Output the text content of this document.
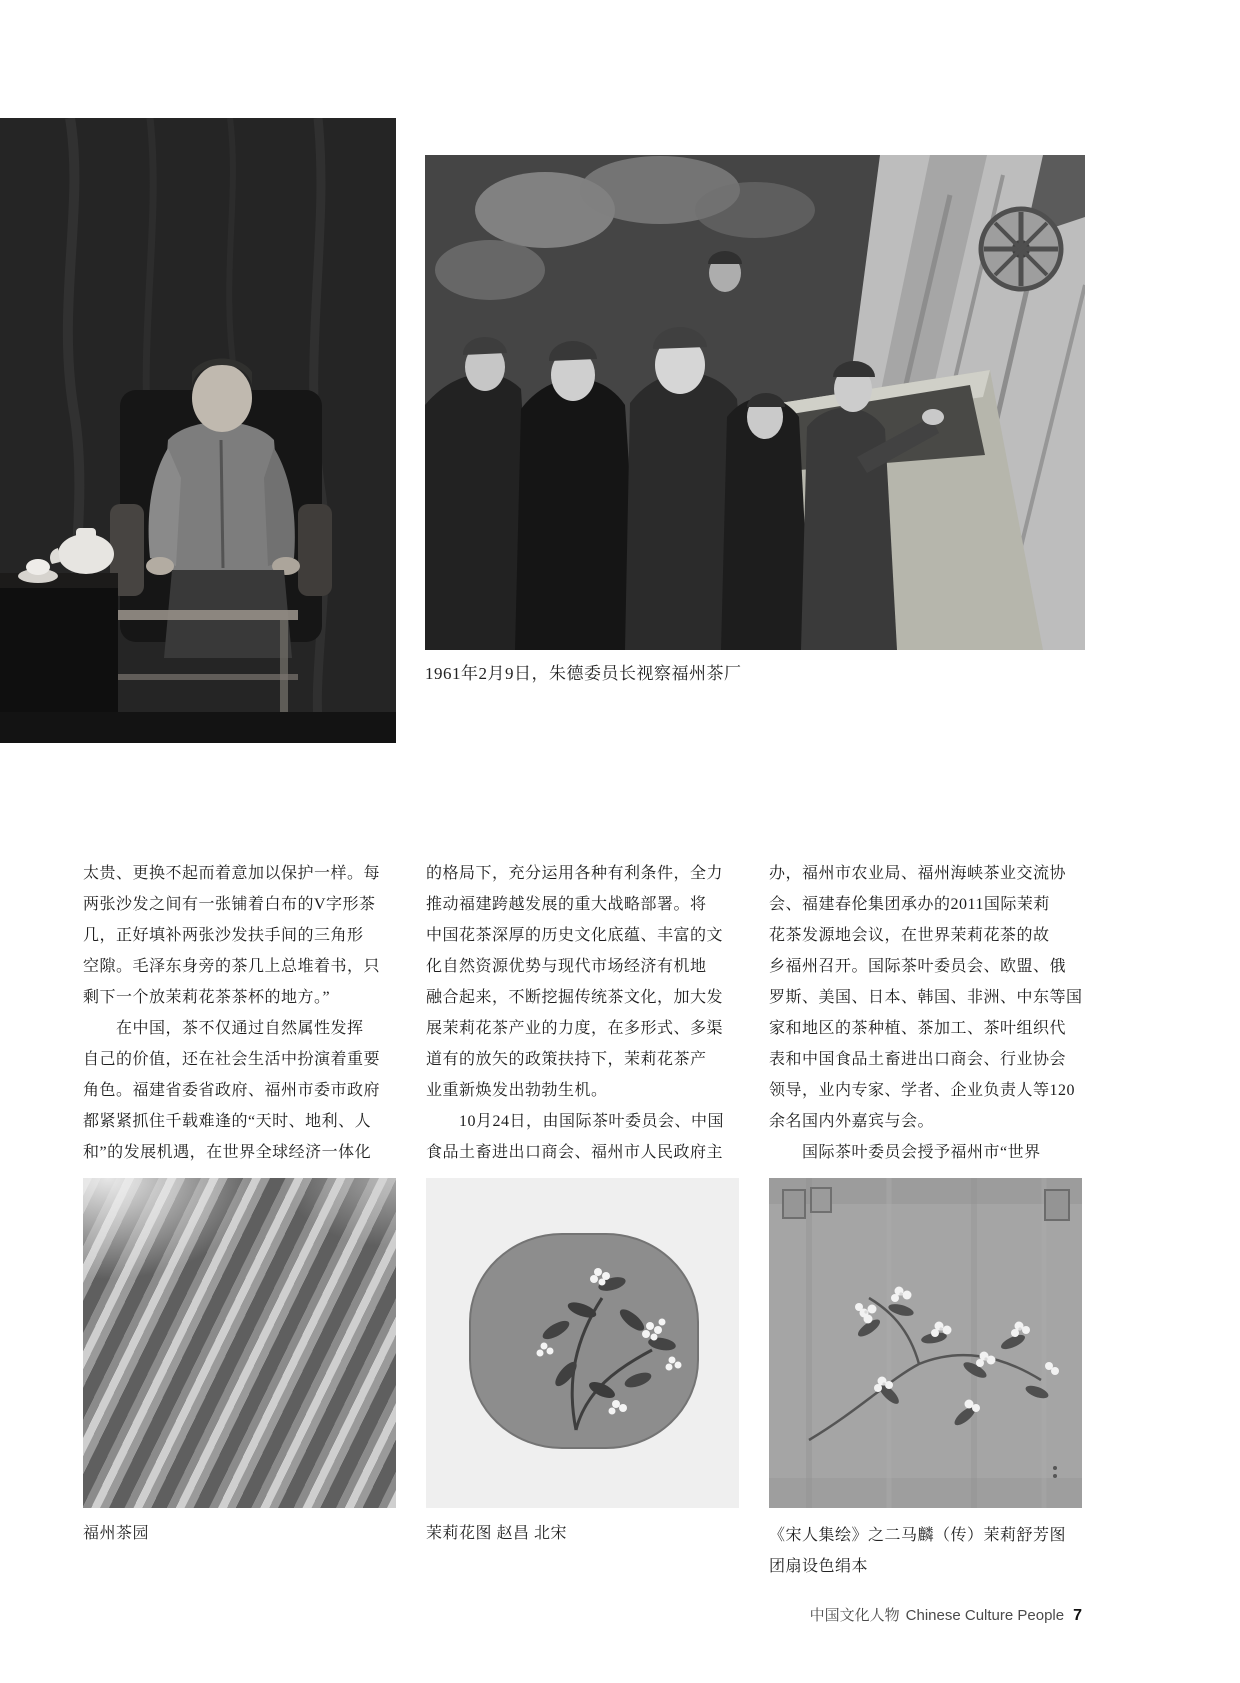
1961年2月9日，朱德委员长视察福州茶厂

太贵、更换不起而着意加以保护一样。每

两张沙发之间有一张铺着白布的V字形茶

几，正好填补两张沙发扶手间的三角形

空隙。毛泽东身旁的茶几上总堆着书，只

剩下一个放茉莉花茶茶杯的地方。”

　　在中国，茶不仅通过自然属性发挥

自己的价值，还在社会生活中扮演着重要

角色。福建省委省政府、福州市委市政府

都紧紧抓住千载难逢的“天时、地利、人

和”的发展机遇，在世界全球经济一体化

的格局下，充分运用各种有利条件，全力

推动福建跨越发展的重大战略部署。将

中国花茶深厚的历史文化底蕴、丰富的文

化自然资源优势与现代市场经济有机地

融合起来，不断挖掘传统茶文化，加大发

展茉莉花茶产业的力度，在多形式、多渠

道有的放矢的政策扶持下，茉莉花茶产

业重新焕发出勃勃生机。

　　10月24日，由国际茶叶委员会、中国

食品土畜进出口商会、福州市人民政府主

办，福州市农业局、福州海峡茶业交流协

会、福建春伦集团承办的2011国际茉莉

花茶发源地会议，在世界茉莉花茶的故

乡福州召开。国际茶叶委员会、欧盟、俄

罗斯、美国、日本、韩国、非洲、中东等国

家和地区的茶种植、茶加工、茶叶组织代

表和中国食品土畜进出口商会、行业协会

领导，业内专家、学者、企业负责人等120

余名国内外嘉宾与会。

　　国际茶叶委员会授予福州市“世界

福州茶园	茉莉花图 赵昌 北宋	《宋人集绘》之二马麟（传）茉莉舒芳图
团扇设色绢本
中国文化人物 Chinese Culture People 7
